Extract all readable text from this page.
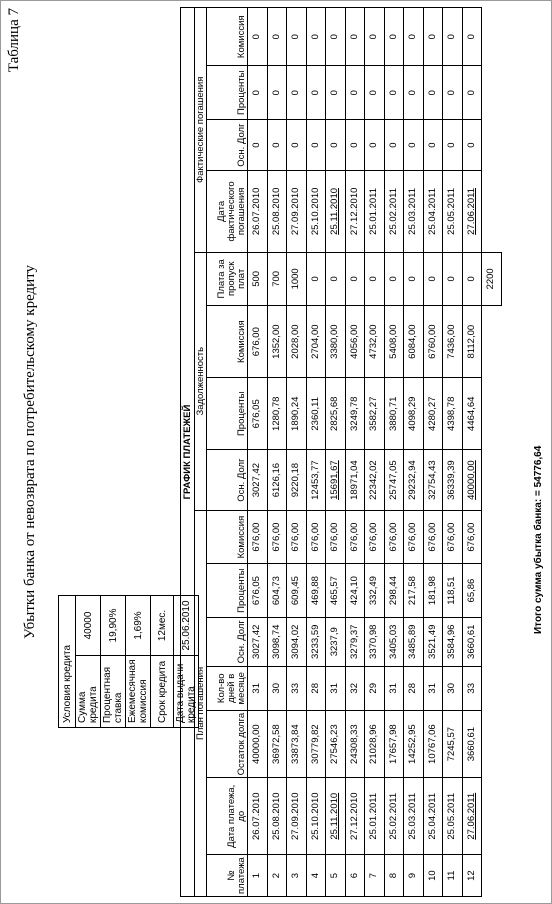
Таблица 7
Убытки банка от невозврата по потребительскому кредиту
Условия кредита	
Сумма кредита	40000
Процентная ставка	19,90%
Ежемесячная комиссия	1,69%
Срок кредита	12мес.
Дата выдачи кредита	25.06.2010
ГРАФИК ПЛАТЕЖЕЙ														
План погашения							Задолженность				Фактические погашения			
№ платежа	Дата платежа, до	Остаток долга	Кол-во дней в месяце	Осн. Долг	Проценты	Комиссия	Осн. Долг	Проценты	Комиссия	Плата за пропуск плат	Дата фактического погашения	Осн. Долг	Проценты	Комиссия
1	26.07.2010	40000,00	31	3027,42	676,05	676,00	3027,42	676,05	676,00	500	26.07.2010	0	0	0
2	25.08.2010	36972,58	30	3098,74	604,73	676,00	6126,16	1280,78	1352,00	700	25.08.2010	0	0	0
3	27.09.2010	33873,84	33	3094,02	609,45	676,00	9220,18	1890,24	2028,00	1000	27.09.2010	0	0	0
4	25.10.2010	30779,82	28	3233,59	469,88	676,00	12453,77	2360,11	2704,00	0	25.10.2010	0	0	0
5	25.11.2010	27546,23	31	3237,9	465,57	676,00	15691,67	2825,68	3380,00	0	25.11.2010	0	0	0
6	27.12.2010	24308,33	32	3279,37	424,10	676,00	18971,04	3249,78	4056,00	0	27.12.2010	0	0	0
7	25.01.2011	21028,96	29	3370,98	332,49	676,00	22342,02	3582,27	4732,00	0	25.01.2011	0	0	0
8	25.02.2011	17657,98	31	3405,03	298,44	676,00	25747,05	3880,71	5408,00	0	25.02.2011	0	0	0
9	25.03.2011	14252,95	28	3485,89	217,58	676,00	29232,94	4098,29	6084,00	0	25.03.2011	0	0	0
10	25.04.2011	10767,06	31	3521,49	181,98	676,00	32754,43	4280,27	6760,00	0	25.04.2011	0	0	0
11	25.05.2011	7245,57	30	3584,96	118,51	676,00	36339,39	4398,78	7436,00	0	25.05.2011	0	0	0
12	27.06.2011	3660,61	33	3660,61	65,86	676,00	40000,00	4464,64	8112,00	0	27.06.2011	0	0	0
										2200				
Итого сумма убытка банка: = 54776,64
